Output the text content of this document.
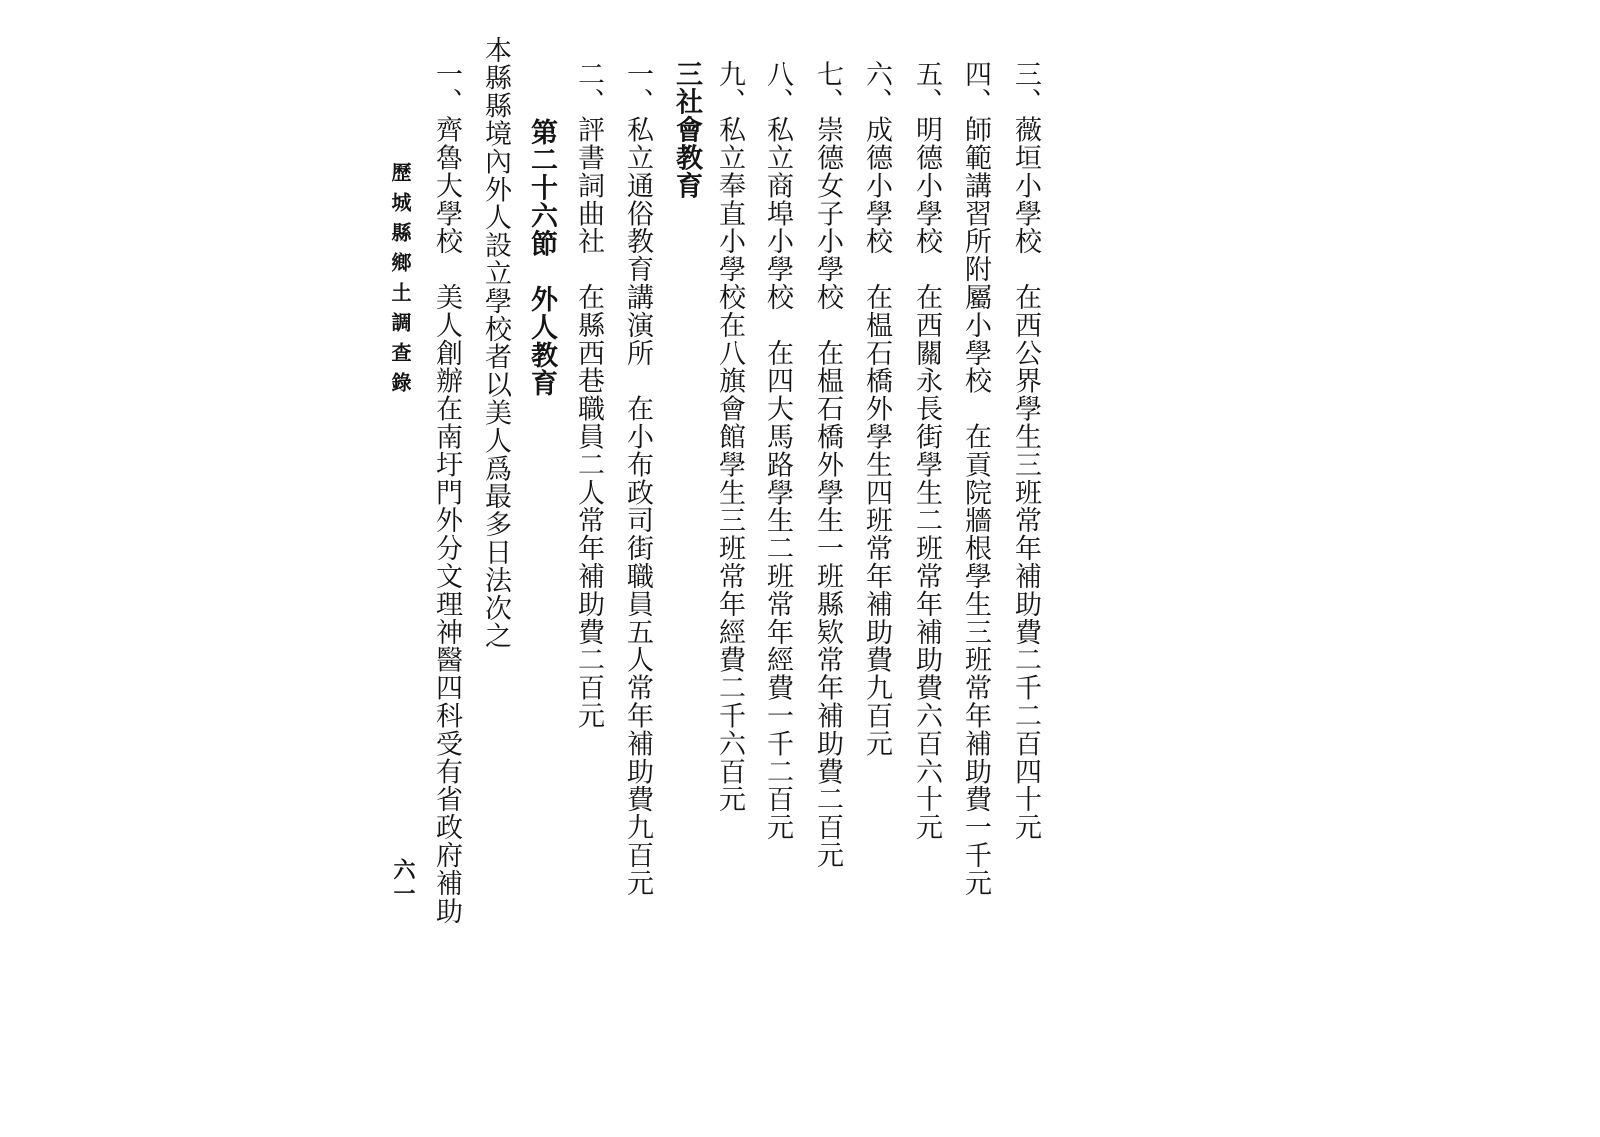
三、薇垣小學校　在西公界學生三班常年補助費二千二百四十元
四、師範講習所附屬小學校　在貢院牆根學生三班常年補助費一千元
五、明德小學校　在西關永長街學生二班常年補助費六百六十元
六、成德小學校　在榅石橋外學生四班常年補助費九百元
七、崇德女子小學校　在榅石橋外學生一班縣欵常年補助費二百元
八、私立商埠小學校　在四大馬路學生二班常年經費一千二百元
九、私立奉直小學校在八旗會館學生三班常年經費二千六百元
三社會教育
一、私立通俗教育講演所　在小布政司街職員五人常年補助費九百元
二、評書詞曲社　在縣西巷職員二人常年補助費二百元
第二十六節　外人教育
本縣縣境內外人設立學校者以美人爲最多日法次之
一、齊魯大學校　美人創辦在南圩門外分文理神醫四科受有省政府補助
歷城縣鄉土調查錄
六一
